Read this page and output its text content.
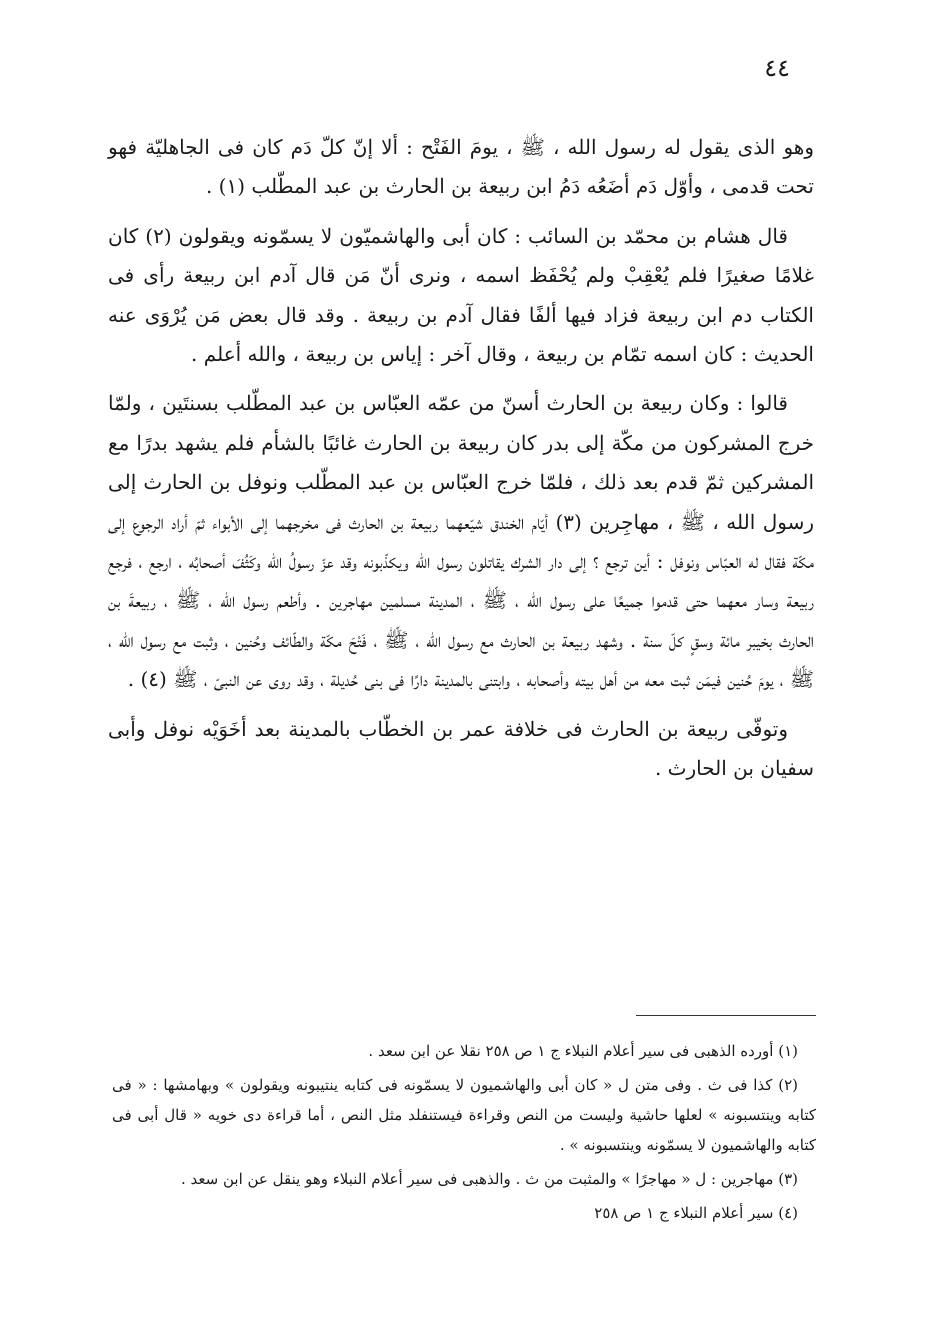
٤٤

وهو الذى يقول له رسول الله ، ﷺ ، يومَ الفَتْح : ألا إنّ كلّ دَم كان فى الجاهليّة فهو تحت قدمى ، وأوّل دَم أضَعُه دَمُ ابن ربيعة بن الحارث بن عبد المطّلب (١) .

قال هشام بن محمّد بن السائب : كان أبى والهاشميّون لا يسمّونه ويقولون (٢) كان غلامًا صغيرًا فلم يُعْقِبْ ولم يُحْفَظ اسمه ، ونرى أنّ مَن قال آدم ابن ربيعة رأى فى الكتاب دم ابن ربيعة فزاد فيها ألفًا فقال آدم بن ربيعة . وقد قال بعض مَن يُرْوَى عنه الحديث : كان اسمه تمّام بن ربيعة ، وقال آخر : إياس بن ربيعة ، والله أعلم .

قالوا : وكان ربيعة بن الحارث أسنّ من عمّه العبّاس بن عبد المطّلب بسنتَين ، ولمّا خرج المشركون من مكّة إلى بدر كان ربيعة بن الحارث غائبًا بالشأم فلم يشهد بدرًا مع المشركين ثمّ قدم بعد ذلك ، فلمّا خرج العبّاس بن عبد المطّلب ونوفل بن الحارث إلى رسول الله ، ﷺ ، مهاجِرين (٣) أيّام الخندق شيّعهما ربيعة بن الحارث فى مخرجهما إلى الأبواء ثمّ أراد الرجوع إلى مكّة فقال له العبّاس ونوفل : أين ترجع ؟ إلى دار الشرك يقاتلون رسول الله ويكذّبونه وقد عزّ رسولُ الله وكَثُفَ أصحابُه ، ارجع ، فرجع ربيعة وسار معهما حتى قدموا جميعًا على رسول الله ، ﷺ ، المدينة مسلمين مهاجرين . وأطعم رسول الله ، ﷺ ، ربيعةَ بن الحارث بخيبر مائة وسقٍ كلّ سنة . وشهد ربيعة بن الحارث مع رسول الله ، ﷺ ، فَتْحَ مكّة والطّائف وحُنين ، وثبت مع رسول الله ، ﷺ ، يومَ حُنين فيمَن ثبت معه من أهل بيته وأصحابه ، وابتنى بالمدينة دارًا فى بنى حُديلة ، وقد روى عن النبىّ ، ﷺ (٤) .

وتوفّى ربيعة بن الحارث فى خلافة عمر بن الخطّاب بالمدينة بعد أخَوَيْه نوفل وأبى سفيان بن الحارث .

(١) أورده الذهبى فى سير أعلام النبلاء ج ١ ص ٢٥٨ نقلا عن ابن سعد .

(٢) كذا فى ث . وفى متن ل « كان أبى والهاشميون لا يسمّونه فى كتابه ينتيبونه ويقولون » وبهامشها : « فى كتابه وينتسبونه » لعلها حاشية وليست من النص وقراءة فيستنفلد مثل النص ، أما قراءة دى خويه « قال أبى فى كتابه والهاشميون لا يسمّونه وينتسبونه » .

(٣) مهاجرين : ل « مهاجرًا » والمثبت من ث . والذهبى فى سير أعلام النبلاء وهو ينقل عن ابن سعد .

(٤) سير أعلام النبلاء ج ١ ص ٢٥٨
